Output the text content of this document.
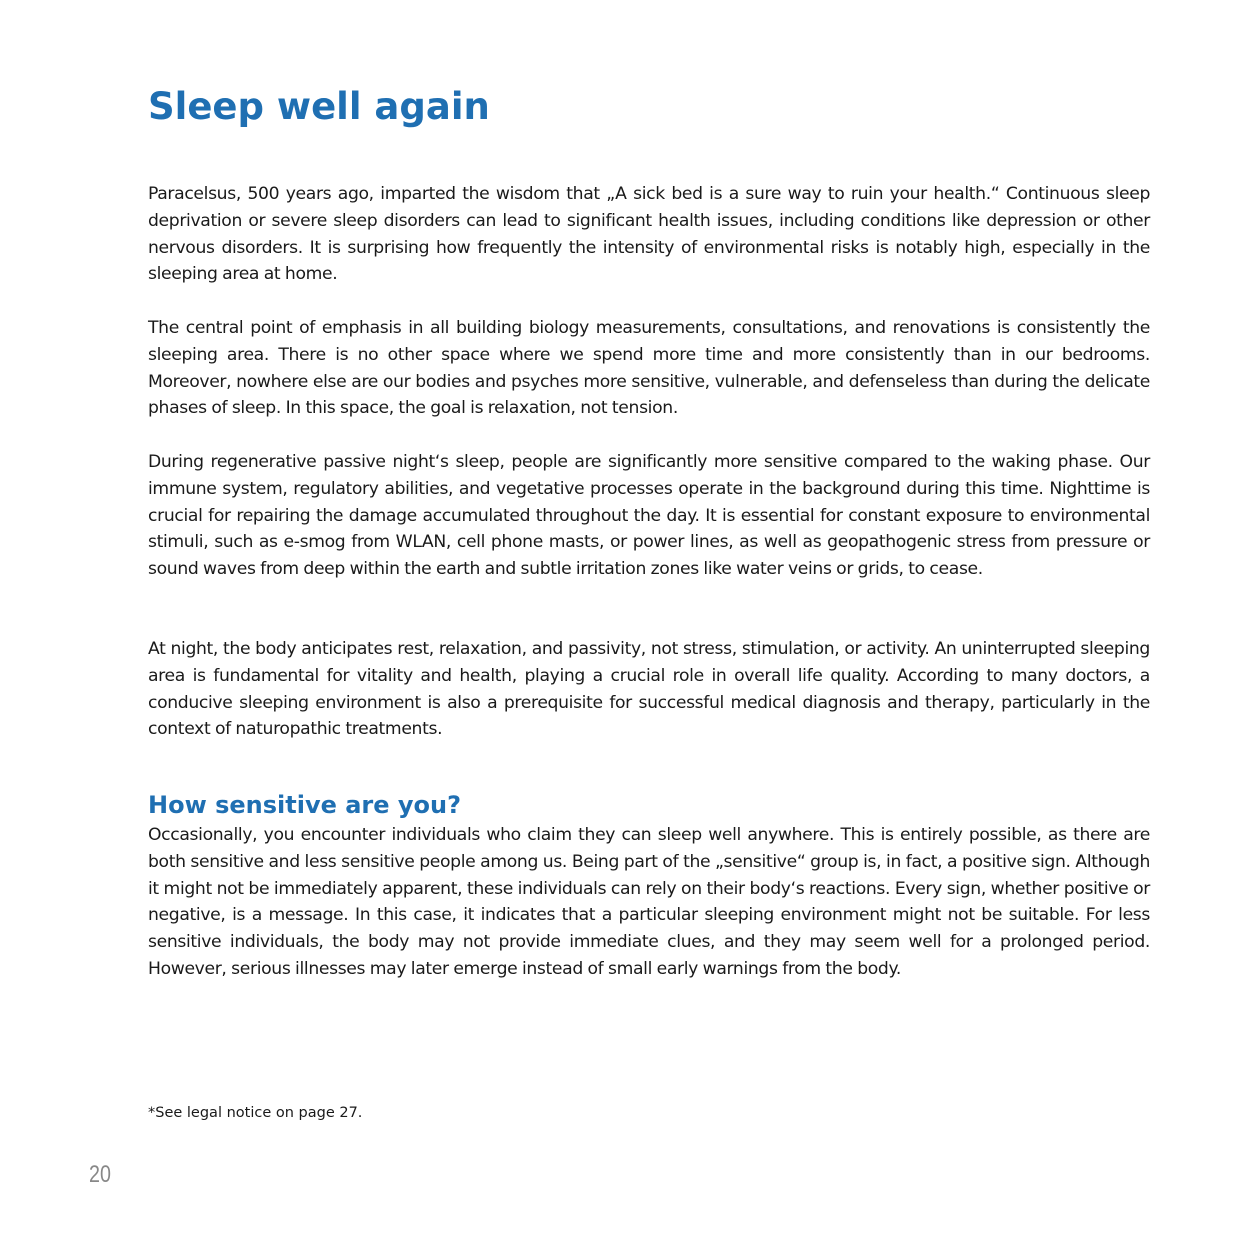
Sleep well again

Paracelsus, 500 years ago, imparted the wisdom that „A sick bed is a sure way to ruin your health.“ Continuous sleep deprivation or severe sleep disorders can lead to significant health issues, including conditions like depression or other nervous disorders. It is surprising how frequently the intensity of environmental risks is notably high, especially in the sleeping area at home.

The central point of emphasis in all building biology measurements, consultations, and renovations is consistently the sleeping area. There is no other space where we spend more time and more consistently than in our bedrooms. Moreover, nowhere else are our bodies and psyches more sensitive, vulnerable, and defenseless than during the delicate phases of sleep. In this space, the goal is relaxation, not tension.

During regenerative passive night‘s sleep, people are significantly more sensitive compared to the waking phase. Our immune system, regulatory abilities, and vegetative processes operate in the background during this time. Nighttime is crucial for repairing the damage accumulated throughout the day. It is essential for constant exposure to environmental stimuli, such as e-smog from WLAN, cell phone masts, or power lines, as well as geopathogenic stress from pressure or sound waves from deep within the earth and subtle irritation zones like water veins or grids, to cease.

At night, the body anticipates rest, relaxation, and passivity, not stress, stimulation, or activity. An uninterrupted sleeping area is fundamental for vitality and health, playing a crucial role in overall life quality. According to many doctors, a conducive sleeping environment is also a prerequisite for successful medical diagnosis and therapy, particularly in the context of naturopathic treatments.

How sensitive are you?

Occasionally, you encounter individuals who claim they can sleep well anywhere. This is entirely possible, as there are both sensitive and less sensitive people among us. Being part of the „sensitive“ group is, in fact, a positive sign. Although it might not be immediately apparent, these individuals can rely on their body‘s reactions. Every sign, whether positive or negative, is a message. In this case, it indicates that a particular sleeping environment might not be suitable. For less sensitive individuals, the body may not provide immediate clues, and they may seem well for a prolonged period. However, serious illnesses may later emerge instead of small early warnings from the body.

*See legal notice on page 27.

20
